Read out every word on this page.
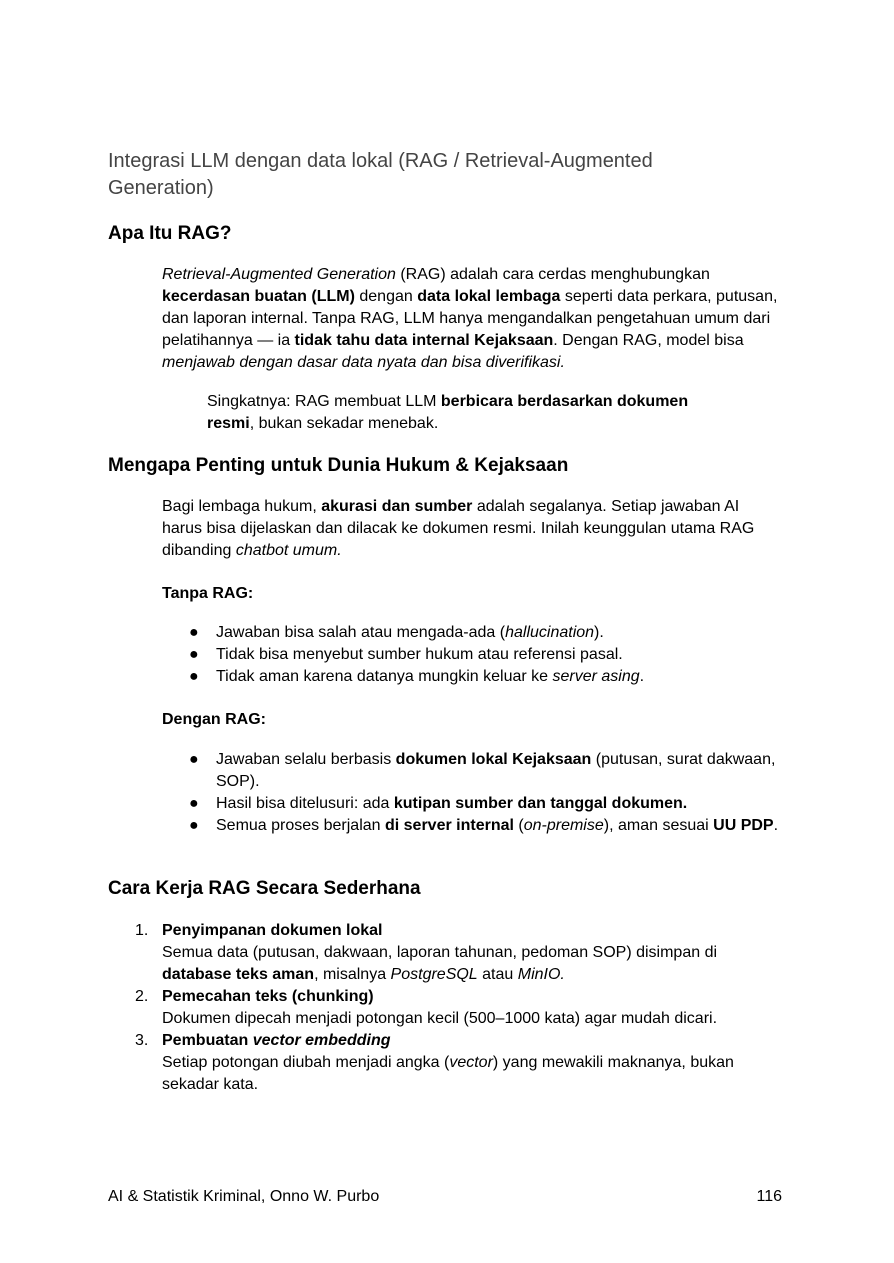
Integrasi LLM dengan data lokal (RAG / Retrieval-Augmented Generation)
Apa Itu RAG?
Retrieval-Augmented Generation (RAG) adalah cara cerdas menghubungkan kecerdasan buatan (LLM) dengan data lokal lembaga seperti data perkara, putusan, dan laporan internal. Tanpa RAG, LLM hanya mengandalkan pengetahuan umum dari pelatihannya — ia tidak tahu data internal Kejaksaan. Dengan RAG, model bisa menjawab dengan dasar data nyata dan bisa diverifikasi.
Singkatnya: RAG membuat LLM berbicara berdasarkan dokumen resmi, bukan sekadar menebak.
Mengapa Penting untuk Dunia Hukum & Kejaksaan
Bagi lembaga hukum, akurasi dan sumber adalah segalanya. Setiap jawaban AI harus bisa dijelaskan dan dilacak ke dokumen resmi. Inilah keunggulan utama RAG dibanding chatbot umum.
Tanpa RAG:
● Jawaban bisa salah atau mengada-ada (hallucination).
● Tidak bisa menyebut sumber hukum atau referensi pasal.
● Tidak aman karena datanya mungkin keluar ke server asing.
Dengan RAG:
● Jawaban selalu berbasis dokumen lokal Kejaksaan (putusan, surat dakwaan, SOP).
● Hasil bisa ditelusuri: ada kutipan sumber dan tanggal dokumen.
● Semua proses berjalan di server internal (on-premise), aman sesuai UU PDP.
Cara Kerja RAG Secara Sederhana
1. Penyimpanan dokumen lokal
Semua data (putusan, dakwaan, laporan tahunan, pedoman SOP) disimpan di database teks aman, misalnya PostgreSQL atau MinIO.
2. Pemecahan teks (chunking)
Dokumen dipecah menjadi potongan kecil (500–1000 kata) agar mudah dicari.
3. Pembuatan vector embedding
Setiap potongan diubah menjadi angka (vector) yang mewakili maknanya, bukan sekadar kata.
AI & Statistik Kriminal, Onno W. Purbo	116
